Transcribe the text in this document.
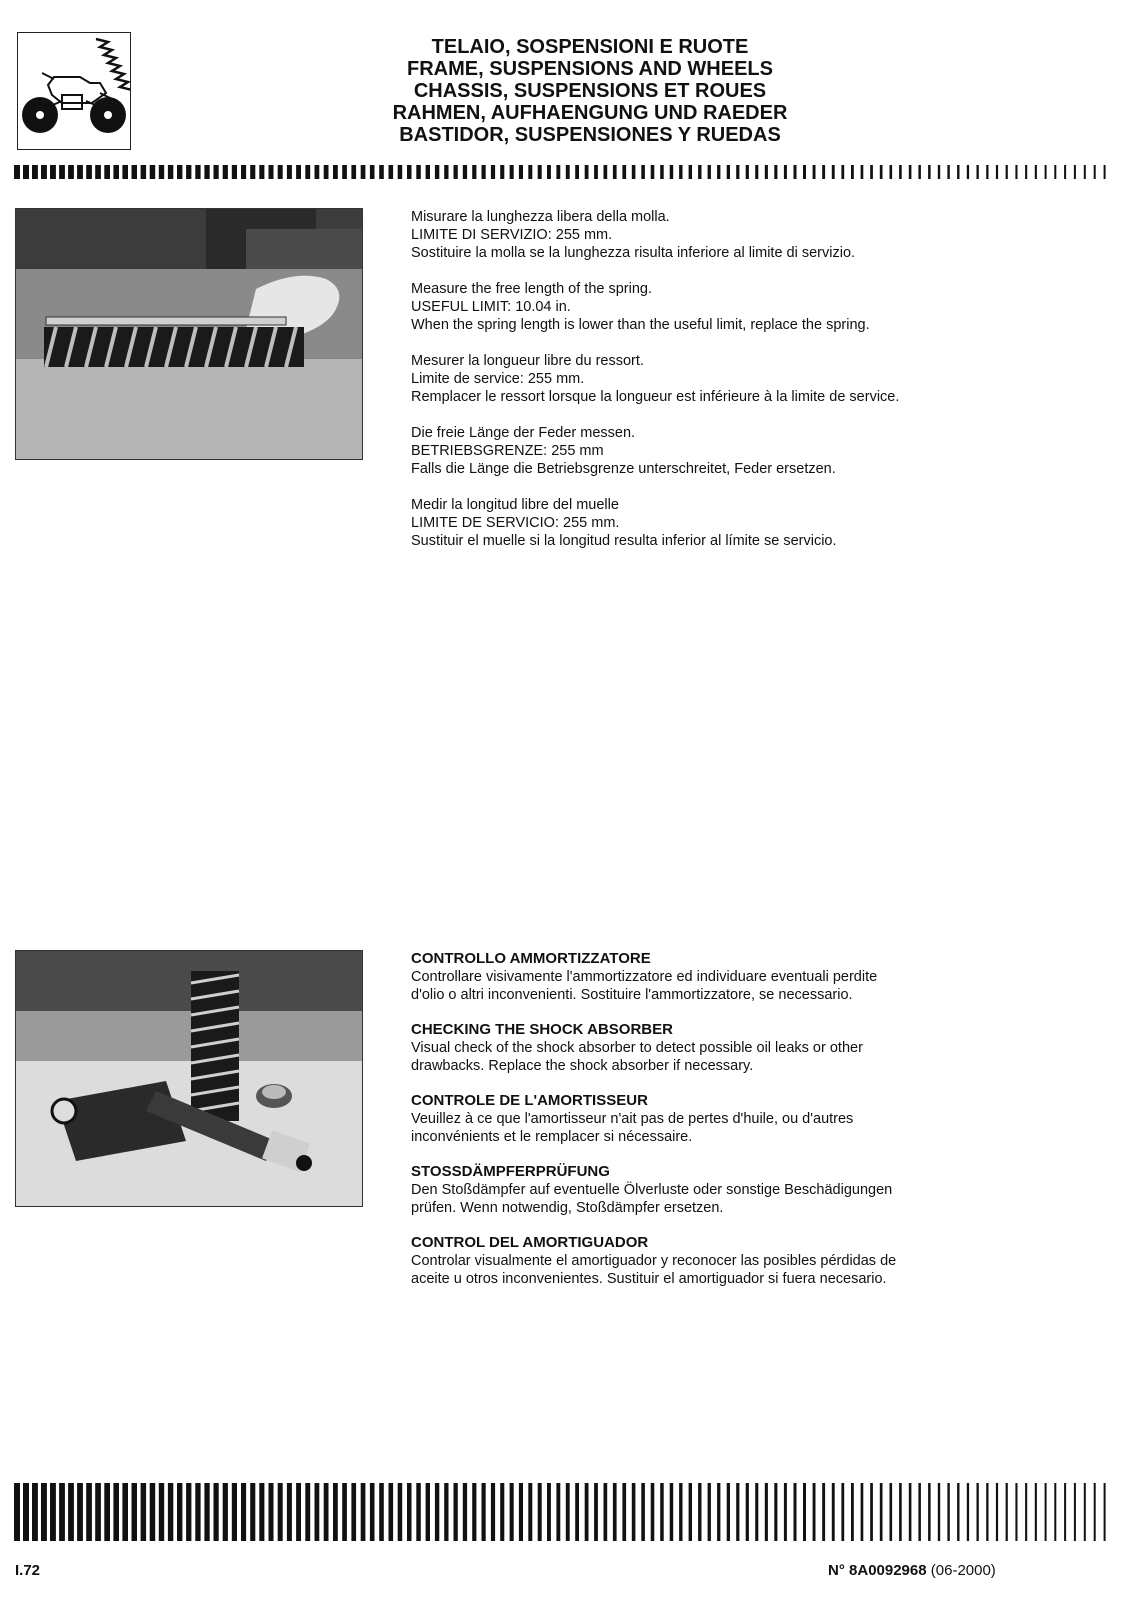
TELAIO, SOSPENSIONI E RUOTE
FRAME, SUSPENSIONS AND WHEELS
CHASSIS, SUSPENSIONS ET ROUES
RAHMEN, AUFHAENGUNG UND RAEDER
BASTIDOR, SUSPENSIONES Y RUEDAS

Misurare la lunghezza libera della molla.
LIMITE DI SERVIZIO: 255 mm.
Sostituire la molla se la lunghezza risulta inferiore al limite di servizio.

Measure the free length of the spring.
USEFUL LIMIT: 10.04 in.
When the spring length is lower than the useful limit, replace the spring.

Mesurer la longueur libre du ressort.
Limite de service: 255 mm.
Remplacer le ressort lorsque la longueur est inférieure à la limite de service.

Die freie Länge der Feder messen.
BETRIEBSGRENZE: 255 mm
Falls die Länge die Betriebsgrenze unterschreitet, Feder ersetzen.

Medir la longitud libre del muelle
LIMITE DE SERVICIO: 255 mm.
Sustituir el muelle si la longitud resulta inferior al límite se servicio.

CONTROLLO AMMORTIZZATORE
Controllare visivamente l'ammortizzatore ed individuare eventuali perdite
d'olio o altri inconvenienti. Sostituire l'ammortizzatore, se necessario.
CHECKING THE SHOCK ABSORBER
Visual check of the shock absorber to detect possible oil leaks or other
drawbacks. Replace the shock absorber if necessary.
CONTROLE DE L'AMORTISSEUR
Veuillez à ce que l'amortisseur n'ait pas de pertes d'huile, ou d'autres
inconvénients et le remplacer si nécessaire.
STOSSDÄMPFERPRÜFUNG
Den Stoßdämpfer auf eventuelle Ölverluste oder sonstige Beschädigungen
prüfen. Wenn notwendig, Stoßdämpfer ersetzen.
CONTROL DEL AMORTIGUADOR
Controlar visualmente el amortiguador y reconocer las posibles pérdidas de
aceite u otros inconvenientes. Sustituir el amortiguador si fuera necesario.
I.72	N° 8A0092968 (06-2000)
